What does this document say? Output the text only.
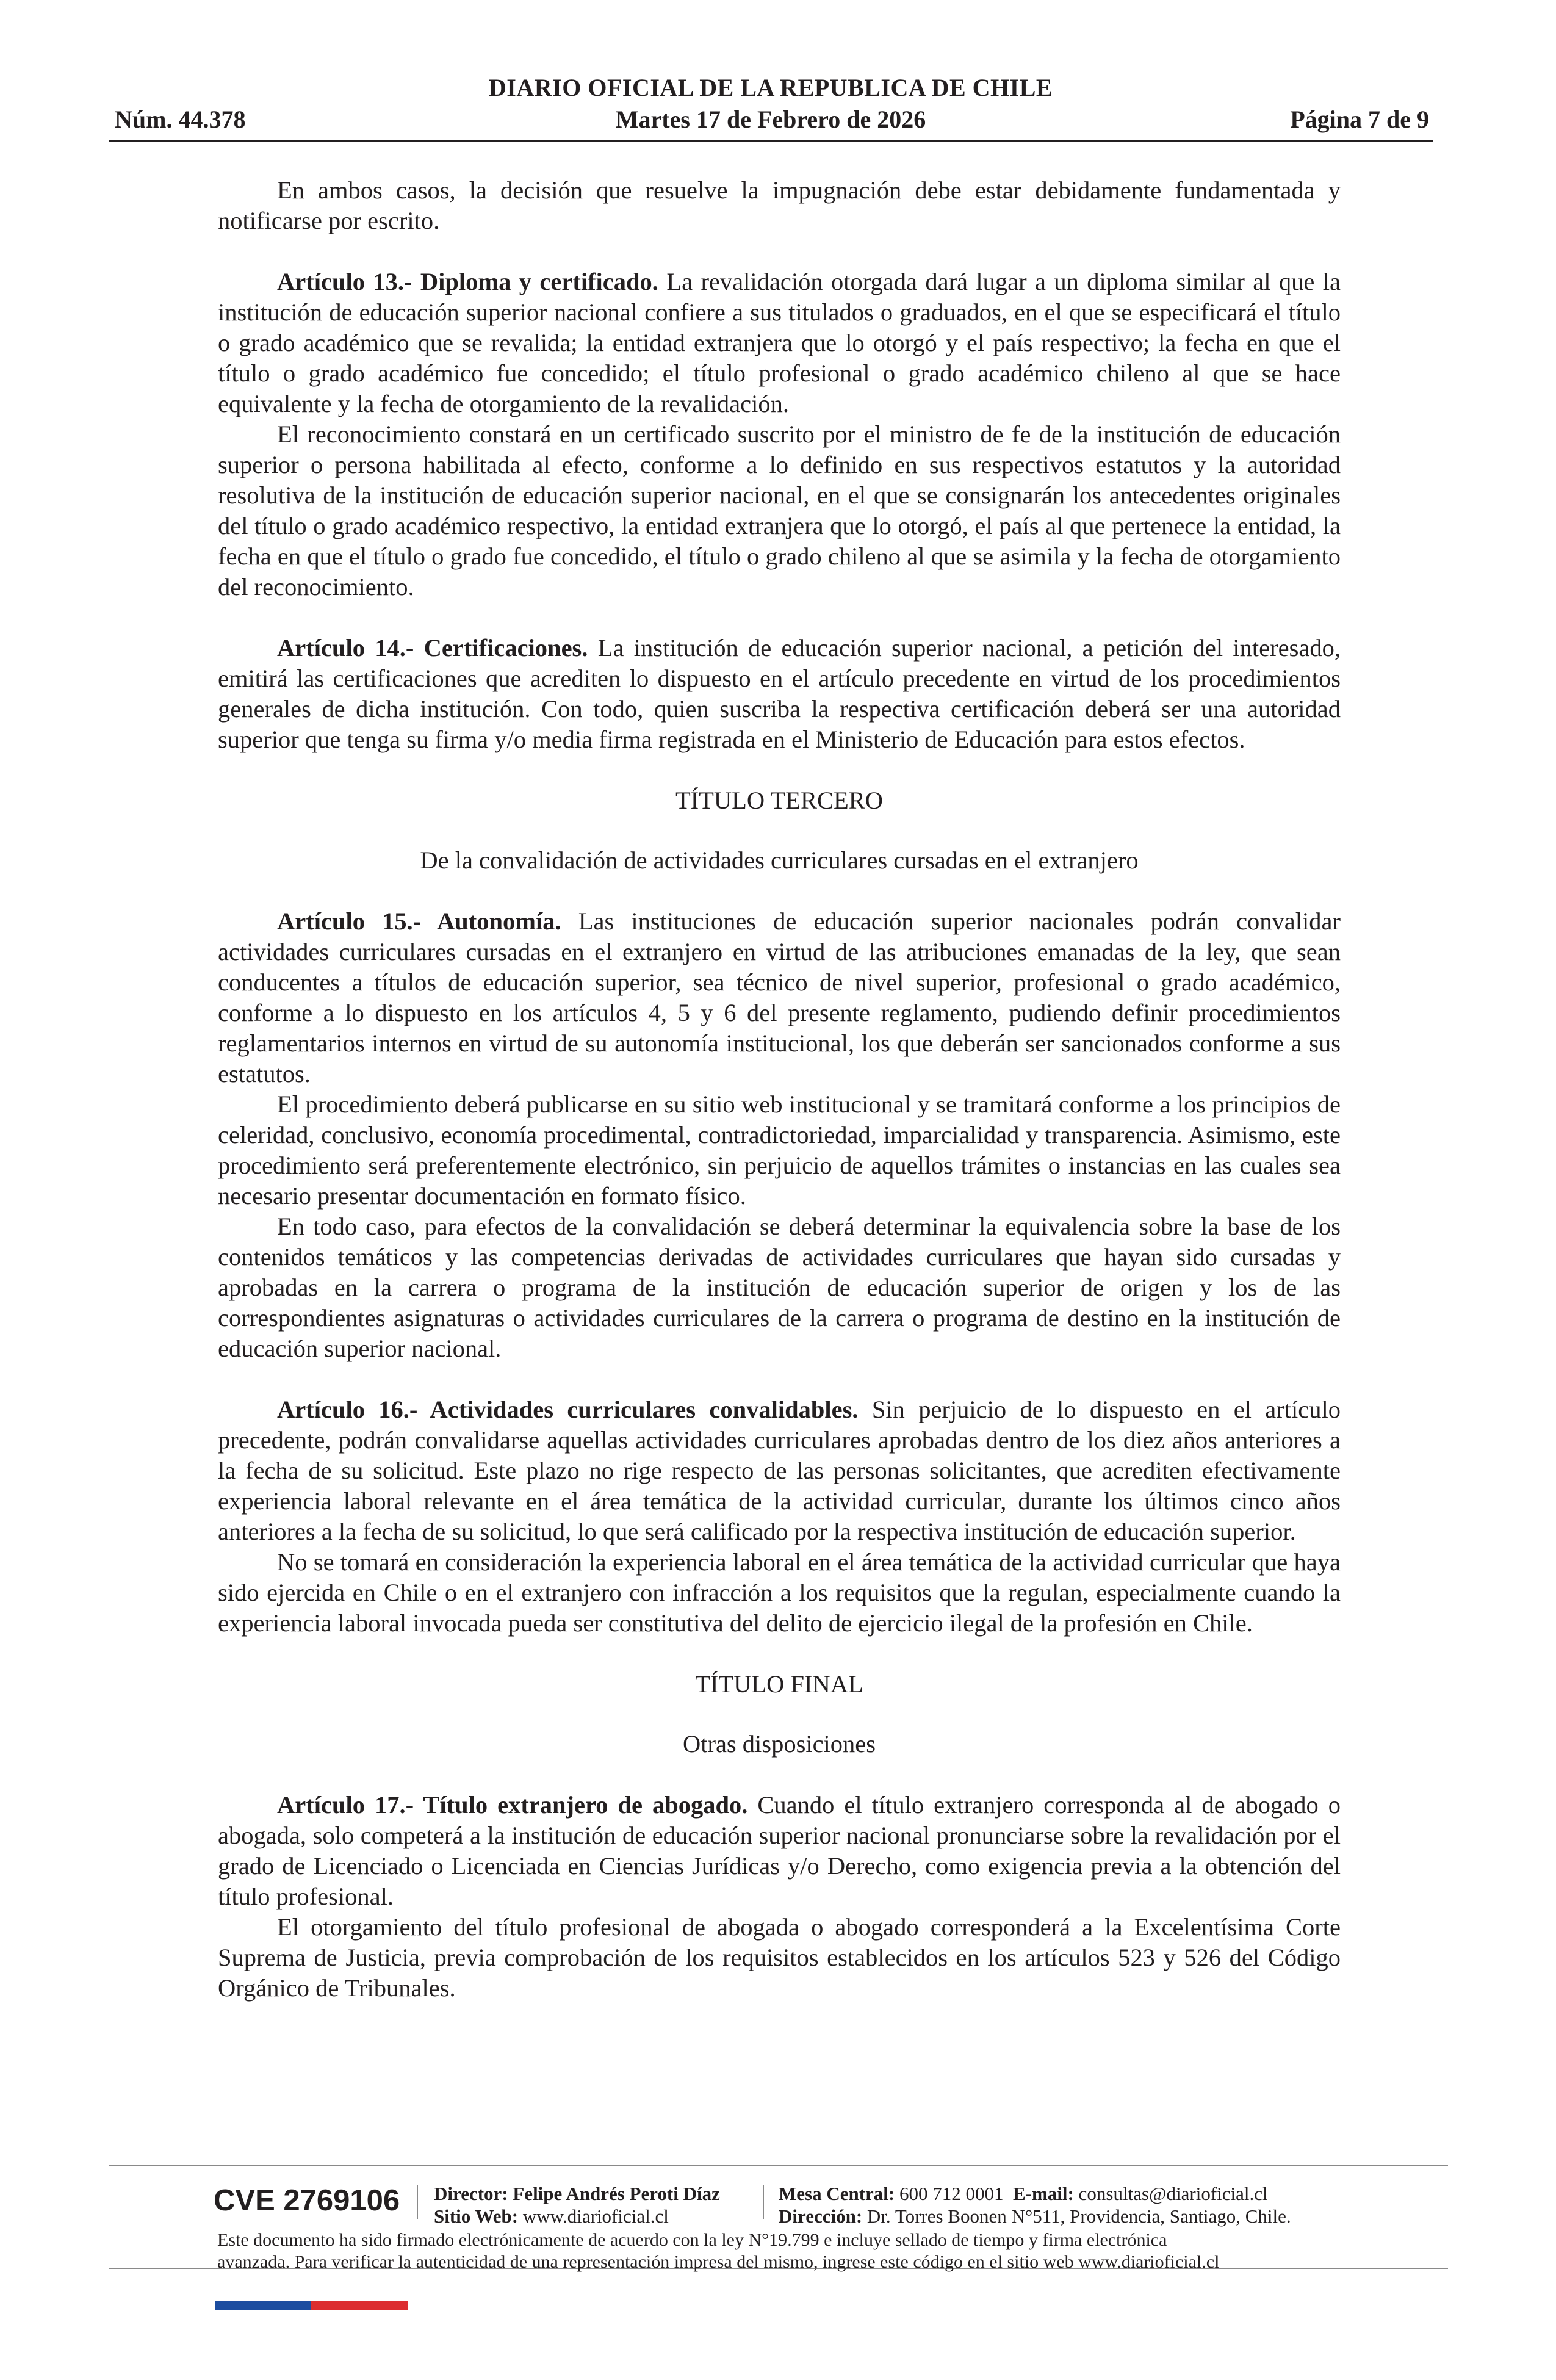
DIARIO OFICIAL DE LA REPUBLICA DE CHILE
Núm. 44.378	Martes 17 de Febrero de 2026	Página 7 de 9

En ambos casos, la decisión que resuelve la impugnación debe estar debidamente fundamentada y notificarse por escrito.

Artículo 13.- Diploma y certificado. La revalidación otorgada dará lugar a un diploma similar al que la institución de educación superior nacional confiere a sus titulados o graduados, en el que se especificará el título o grado académico que se revalida; la entidad extranjera que lo otorgó y el país respectivo; la fecha en que el título o grado académico fue concedido; el título profesional o grado académico chileno al que se hace equivalente y la fecha de otorgamiento de la revalidación.

El reconocimiento constará en un certificado suscrito por el ministro de fe de la institución de educación superior o persona habilitada al efecto, conforme a lo definido en sus respectivos estatutos y la autoridad resolutiva de la institución de educación superior nacional, en el que se consignarán los antecedentes originales del título o grado académico respectivo, la entidad extranjera que lo otorgó, el país al que pertenece la entidad, la fecha en que el título o grado fue concedido, el título o grado chileno al que se asimila y la fecha de otorgamiento del reconocimiento.

Artículo 14.- Certificaciones. La institución de educación superior nacional, a petición del interesado, emitirá las certificaciones que acrediten lo dispuesto en el artículo precedente en virtud de los procedimientos generales de dicha institución. Con todo, quien suscriba la respectiva certificación deberá ser una autoridad superior que tenga su firma y/o media firma registrada en el Ministerio de Educación para estos efectos.

TÍTULO TERCERO

De la convalidación de actividades curriculares cursadas en el extranjero

Artículo 15.- Autonomía. Las instituciones de educación superior nacionales podrán convalidar actividades curriculares cursadas en el extranjero en virtud de las atribuciones emanadas de la ley, que sean conducentes a títulos de educación superior, sea técnico de nivel superior, profesional o grado académico, conforme a lo dispuesto en los artículos 4, 5 y 6 del presente reglamento, pudiendo definir procedimientos reglamentarios internos en virtud de su autonomía institucional, los que deberán ser sancionados conforme a sus estatutos.

El procedimiento deberá publicarse en su sitio web institucional y se tramitará conforme a los principios de celeridad, conclusivo, economía procedimental, contradictoriedad, imparcialidad y transparencia. Asimismo, este procedimiento será preferentemente electrónico, sin perjuicio de aquellos trámites o instancias en las cuales sea necesario presentar documentación en formato físico.

En todo caso, para efectos de la convalidación se deberá determinar la equivalencia sobre la base de los contenidos temáticos y las competencias derivadas de actividades curriculares que hayan sido cursadas y aprobadas en la carrera o programa de la institución de educación superior de origen y los de las correspondientes asignaturas o actividades curriculares de la carrera o programa de destino en la institución de educación superior nacional.

Artículo 16.- Actividades curriculares convalidables. Sin perjuicio de lo dispuesto en el artículo precedente, podrán convalidarse aquellas actividades curriculares aprobadas dentro de los diez años anteriores a la fecha de su solicitud. Este plazo no rige respecto de las personas solicitantes, que acrediten efectivamente experiencia laboral relevante en el área temática de la actividad curricular, durante los últimos cinco años anteriores a la fecha de su solicitud, lo que será calificado por la respectiva institución de educación superior.

No se tomará en consideración la experiencia laboral en el área temática de la actividad curricular que haya sido ejercida en Chile o en el extranjero con infracción a los requisitos que la regulan, especialmente cuando la experiencia laboral invocada pueda ser constitutiva del delito de ejercicio ilegal de la profesión en Chile.

TÍTULO FINAL

Otras disposiciones

Artículo 17.- Título extranjero de abogado. Cuando el título extranjero corresponda al de abogado o abogada, solo competerá a la institución de educación superior nacional pronunciarse sobre la revalidación por el grado de Licenciado o Licenciada en Ciencias Jurídicas y/o Derecho, como exigencia previa a la obtención del título profesional.

El otorgamiento del título profesional de abogada o abogado corresponderá a la Excelentísima Corte Suprema de Justicia, previa comprobación de los requisitos establecidos en los artículos 523 y 526 del Código Orgánico de Tribunales.

CVE 2769106 Director: Felipe Andrés Peroti Díaz
Sitio Web: www.diarioficial.cl
Mesa Central: 600 712 0001 E-mail: consultas@diarioficial.cl
Dirección: Dr. Torres Boonen N°511, Providencia, Santiago, Chile.
Este documento ha sido firmado electrónicamente de acuerdo con la ley N°19.799 e incluye sellado de tiempo y firma electrónica
avanzada. Para verificar la autenticidad de una representación impresa del mismo, ingrese este código en el sitio web www.diarioficial.cl
